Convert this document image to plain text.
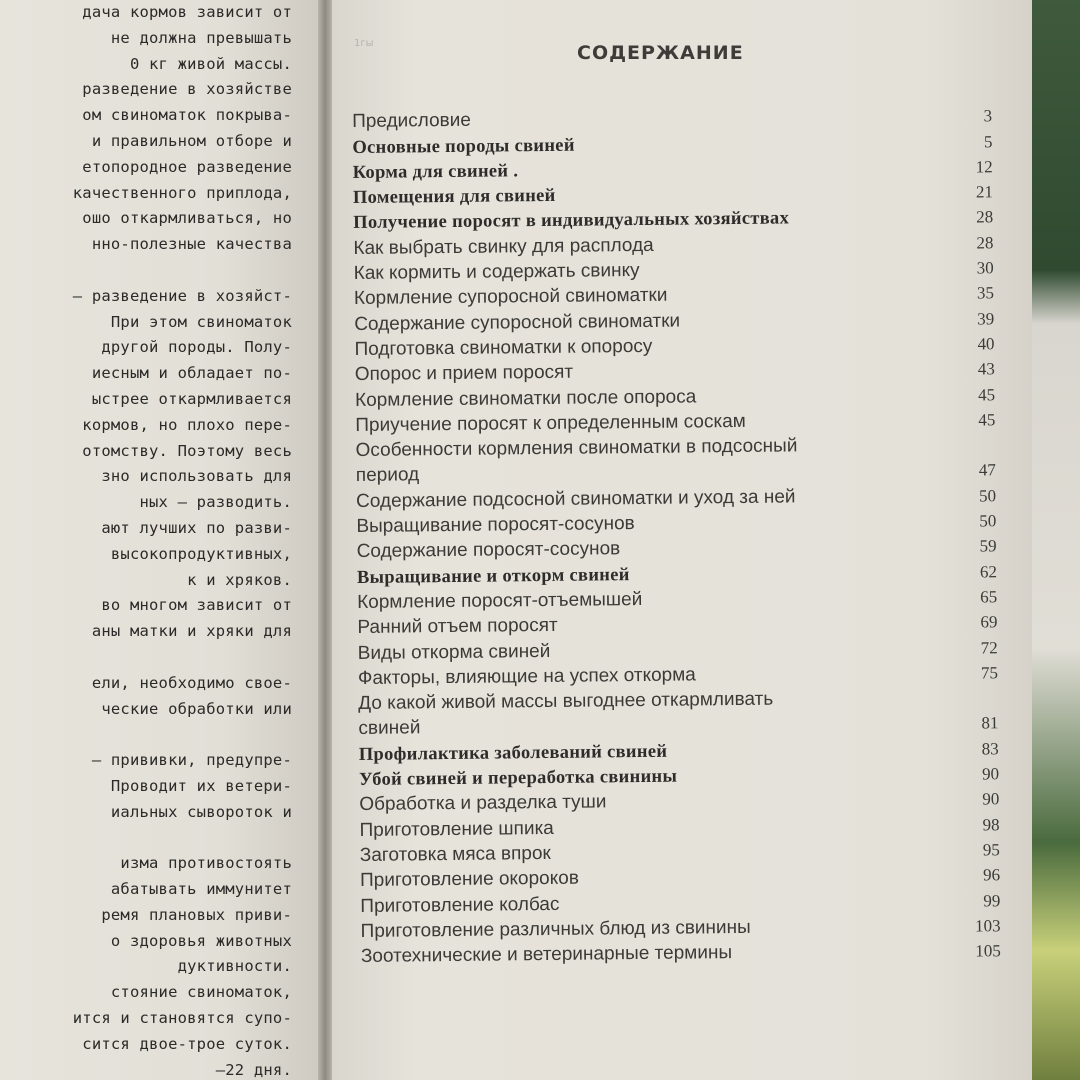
дача кормов зависит от
не должна превышать
0 кг живой массы.
разведение в хозяйстве
ом свиноматок покрыва-
и правильном отборе и
етопородное разведение
качественного приплода,
ошо откармливаться, но
нно-полезные качества
— разведение в хозяйст-
При этом свиноматок
другой породы. Полу-
иесным и обладает по-
ыстрее откармливается
кормов, но плохо пере-
отомству. Поэтому весь
зно использовать для
ных — разводить.
ают лучших по разви-
высокопродуктивных,
к и хряков.
во многом зависит от
аны матки и хряки для
ели, необходимо свое-
ческие обработки или
— прививки, предупре-
Проводит их ветери-
иальных сывороток и
изма противостоять
абатывать иммунитет
ремя плановых приви-
о здоровья животных
дуктивности.
стояние свиноматок,
ится и становятся супо-
сится двое-трое суток.
—22 дня.
1гы	СОДЕРЖАНИЕ
Предисловие	3
Основные породы свиней	5
Корма для свиней .	12
Помещения для свиней	21
Получение поросят в индивидуальных хозяйствах	28
Как выбрать свинку для расплода	28
Как кормить и содержать свинку	30
Кормление супоросной свиноматки	35
Содержание супоросной свиноматки	39
Подготовка свиноматки к опоросу	40
Опорос и прием поросят	43
Кормление свиноматки после опороса	45
Приучение поросят к определенным соскам	45
Особенности кормления свиноматки в подсосный
период	47
Содержание подсосной свиноматки и уход за ней	50
Выращивание поросят-сосунов	50
Содержание поросят-сосунов	59
Выращивание и откорм свиней	62
Кормление поросят-отъемышей	65
Ранний отъем поросят	69
Виды откорма свиней	72
Факторы, влияющие на успех откорма	75
До какой живой массы выгоднее откармливать
свиней	81
Профилактика заболеваний свиней	83
Убой свиней и переработка свинины	90
Обработка и разделка туши	90
Приготовление шпика	98
Заготовка мяса впрок	95
Приготовление окороков	96
Приготовление колбас	99
Приготовление различных блюд из свинины	103
Зоотехнические и ветеринарные термины	105
